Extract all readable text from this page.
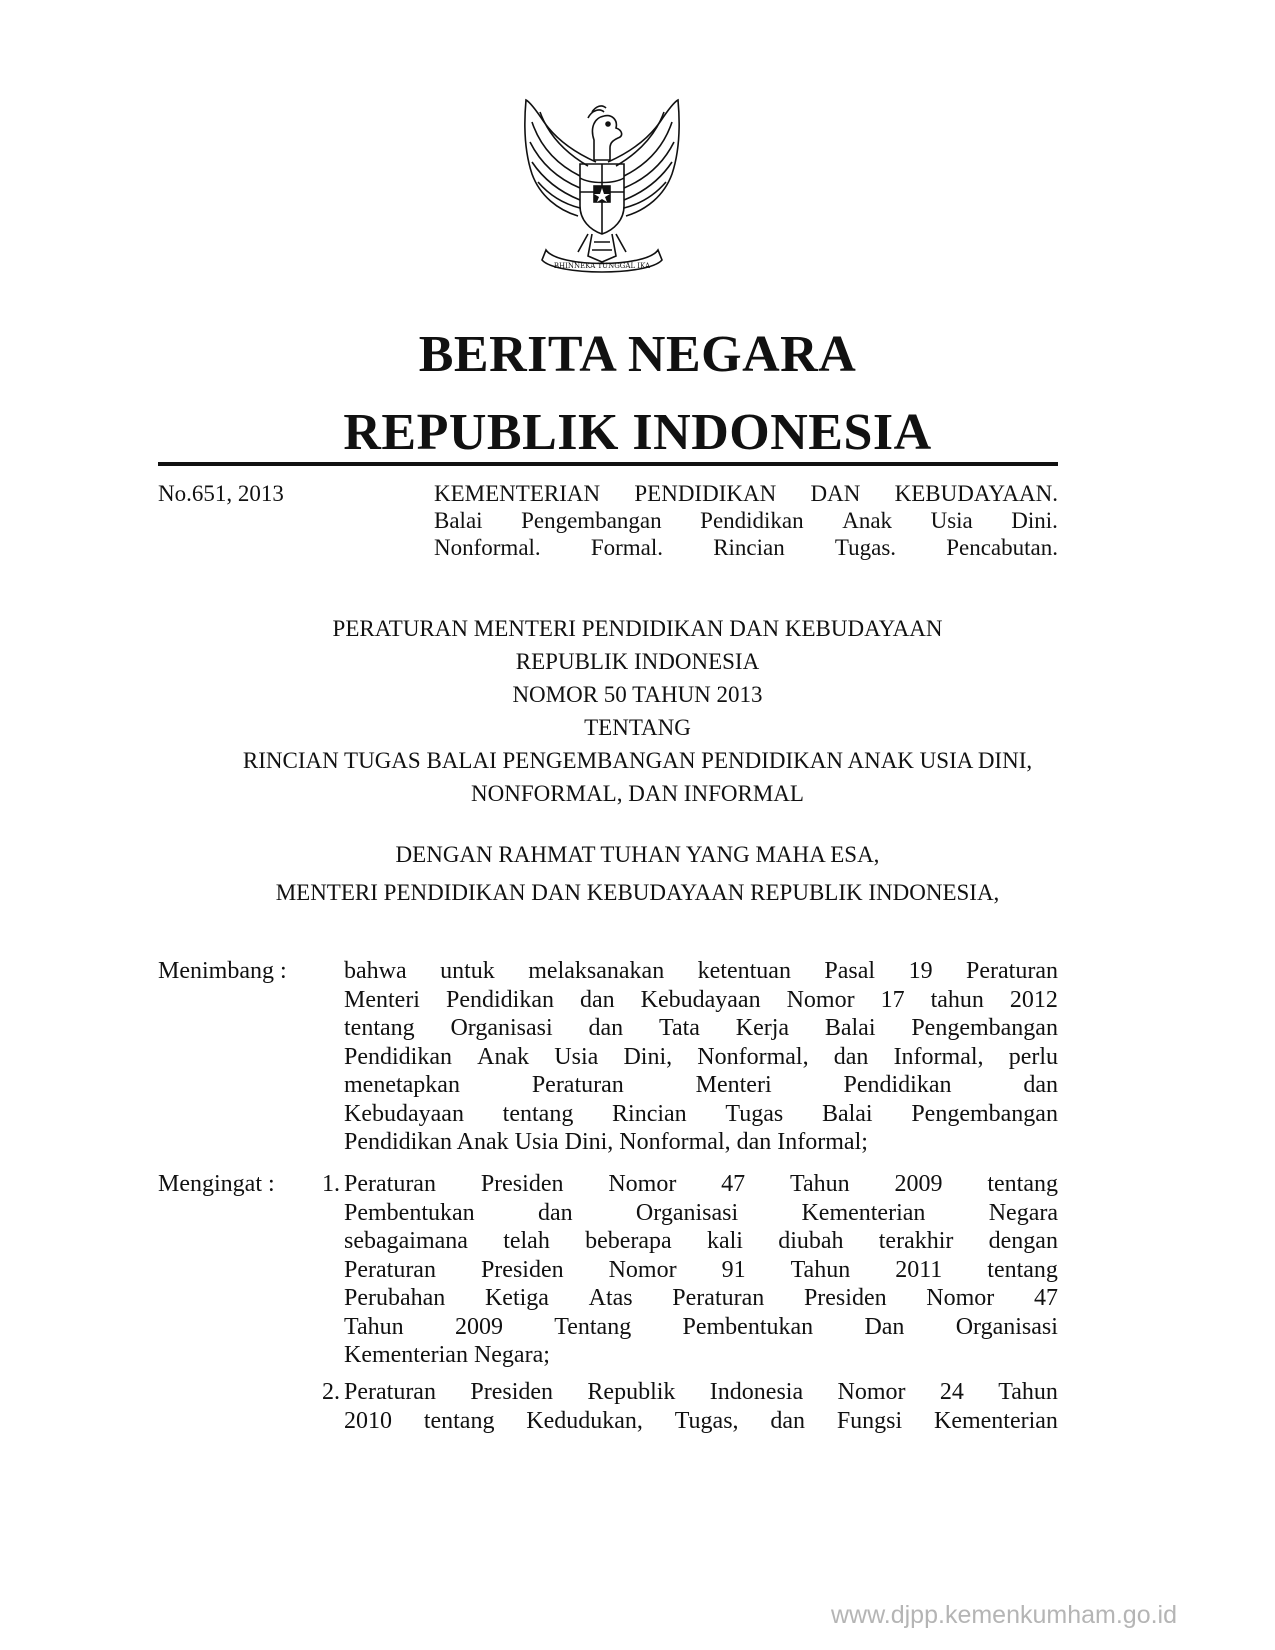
BHINNEKA TUNGGAL IKA
BERITA NEGARA
REPUBLIK INDONESIA
No.651, 2013	KEMENTERIAN PENDIDIKAN DAN KEBUDAYAAN.
Balai Pengembangan Pendidikan Anak Usia Dini.
Nonformal. Formal. Rincian Tugas. Pencabutan.
PERATURAN MENTERI PENDIDIKAN DAN KEBUDAYAAN
REPUBLIK INDONESIA
NOMOR 50 TAHUN 2013
TENTANG
RINCIAN TUGAS BALAI PENGEMBANGAN PENDIDIKAN ANAK USIA DINI,
NONFORMAL, DAN INFORMAL
DENGAN RAHMAT TUHAN YANG MAHA ESA,
MENTERI PENDIDIKAN DAN KEBUDAYAAN REPUBLIK INDONESIA,
Menimbang : bahwa untuk melaksanakan ketentuan Pasal 19 Peraturan
Menteri Pendidikan dan Kebudayaan Nomor 17 tahun 2012
tentang Organisasi dan Tata Kerja Balai Pengembangan
Pendidikan Anak Usia Dini, Nonformal, dan Informal, perlu
menetapkan	Peraturan	Menteri	Pendidikan	dan
Kebudayaan tentang Rincian Tugas Balai Pengembangan
Pendidikan Anak Usia Dini, Nonformal, dan Informal;
Mengingat :	1. Peraturan Presiden Nomor 47 Tahun 2009 tentang
Pembentukan	dan	Organisasi	Kementerian	Negara
sebagaimana telah beberapa kali diubah terakhir dengan
Peraturan Presiden Nomor 91 Tahun 2011 tentang
Perubahan Ketiga Atas Peraturan Presiden Nomor 47
Tahun 2009 Tentang Pembentukan Dan Organisasi
Kementerian Negara;
2. Peraturan Presiden Republik Indonesia Nomor 24 Tahun
2010 tentang Kedudukan, Tugas, dan Fungsi Kementerian
www.djpp.kemenkumham.go.id
